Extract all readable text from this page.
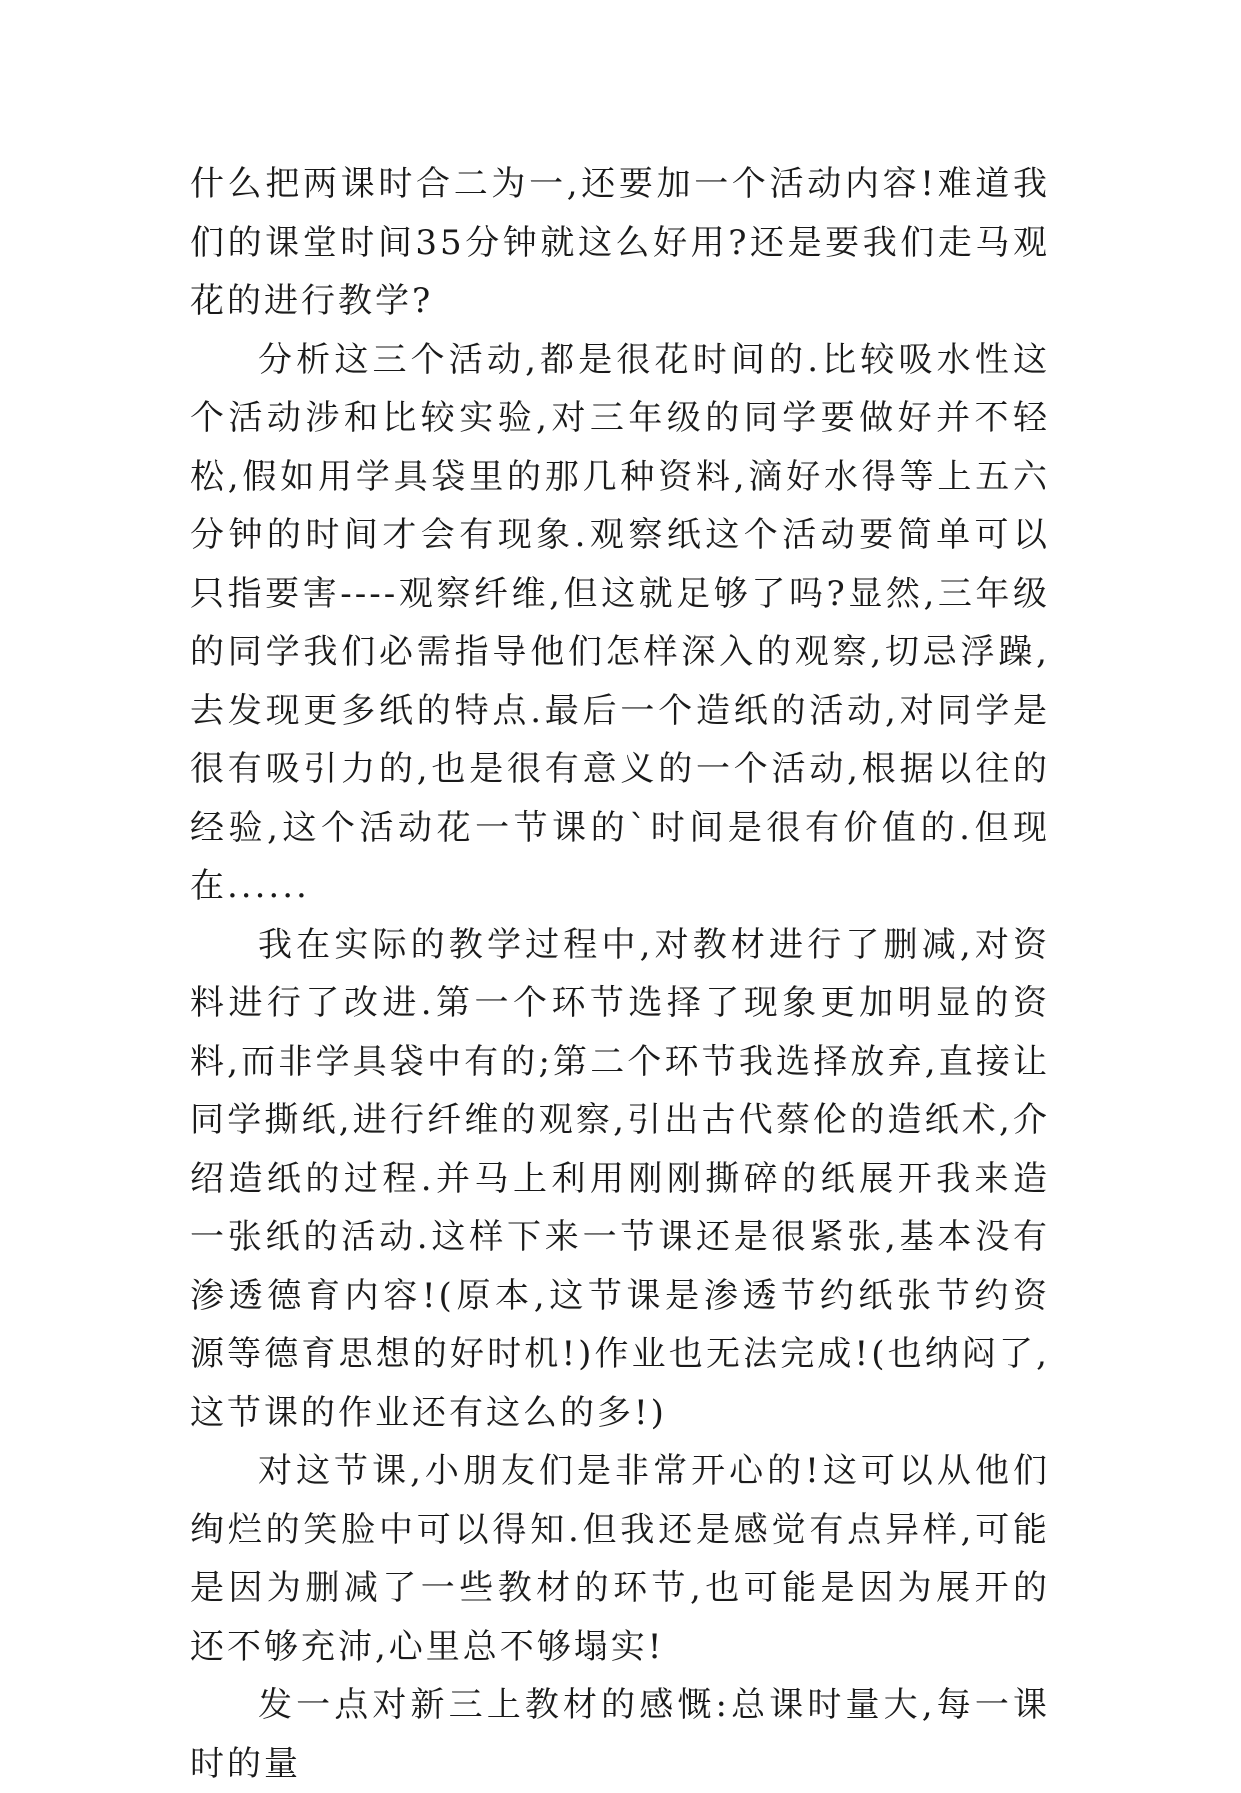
什么把两课时合二为一,还要加一个活动内容!难道我们的课堂时间35分钟就这么好用?还是要我们走马观花的进行教学?

分析这三个活动,都是很花时间的.比较吸水性这个活动涉和比较实验,对三年级的同学要做好并不轻松,假如用学具袋里的那几种资料,滴好水得等上五六分钟的时间才会有现象.观察纸这个活动要简单可以只指要害----观察纤维,但这就足够了吗?显然,三年级的同学我们必需指导他们怎样深入的观察,切忌浮躁,去发现更多纸的特点.最后一个造纸的活动,对同学是很有吸引力的,也是很有意义的一个活动,根据以往的经验,这个活动花一节课的`时间是很有价值的.但现在......

我在实际的教学过程中,对教材进行了删减,对资料进行了改进.第一个环节选择了现象更加明显的资料,而非学具袋中有的;第二个环节我选择放弃,直接让同学撕纸,进行纤维的观察,引出古代蔡伦的造纸术,介绍造纸的过程.并马上利用刚刚撕碎的纸展开我来造一张纸的活动.这样下来一节课还是很紧张,基本没有渗透德育内容!(原本,这节课是渗透节约纸张节约资源等德育思想的好时机!)作业也无法完成!(也纳闷了,这节课的作业还有这么的多!)

对这节课,小朋友们是非常开心的!这可以从他们绚烂的笑脸中可以得知.但我还是感觉有点异样,可能是因为删减了一些教材的环节,也可能是因为展开的还不够充沛,心里总不够塌实!

发一点对新三上教材的感慨:总课时量大,每一课时的量
